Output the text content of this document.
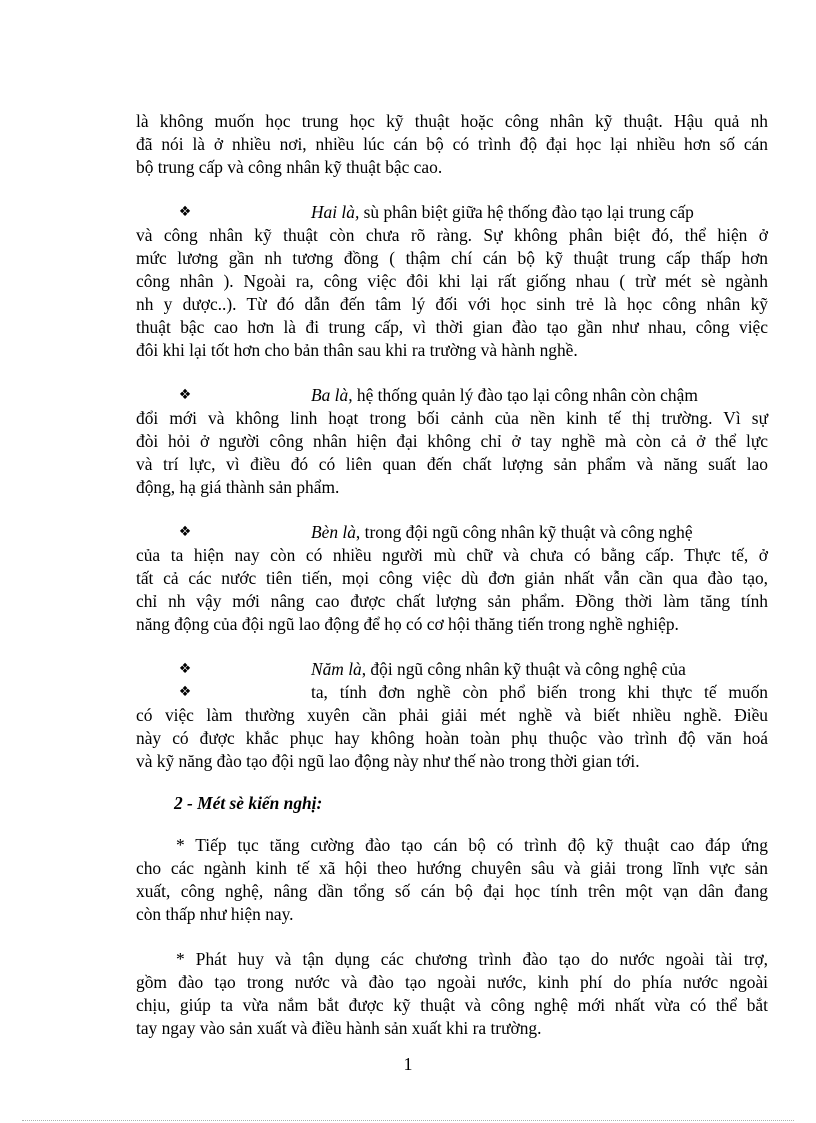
là không muốn học trung học kỹ thuật hoặc công nhân kỹ thuật. Hậu quả nh
đã nói là ở nhiều nơi, nhiều lúc cán bộ có trình độ đại học lại nhiều hơn số cán
bộ trung cấp và công nhân kỹ thuật bậc cao.
❖	Hai là, sù phân biệt giữa hệ thống đào tạo lại trung cấp
và công nhân kỹ thuật còn chưa rõ ràng. Sự không phân biệt đó, thể hiện ở
mức lương gần nh tương đồng ( thậm chí cán bộ kỹ thuật trung cấp thấp hơn
công nhân ). Ngoài ra, công việc đôi khi lại rất giống nhau ( trừ mét sè ngành
nh y dược..). Từ đó dẫn đến tâm lý đối với học sinh trẻ là học công nhân kỹ
thuật bậc cao hơn là đi trung cấp, vì thời gian đào tạo gần như nhau, công việc
đôi khi lại tốt hơn cho bản thân sau khi ra trường và hành nghề.
❖	Ba là, hệ thống quản lý đào tạo lại công nhân còn chậm
đổi mới và không linh hoạt trong bối cảnh của nền kinh tế thị trường. Vì sự
đòi hỏi ở người công nhân hiện đại không chỉ ở tay nghề mà còn cả ở thể lực
và trí lực, vì điều đó có liên quan đến chất lượng sản phẩm và năng suất lao
động, hạ giá thành sản phẩm.
❖	Bèn là, trong đội ngũ công nhân kỹ thuật và công nghệ
của ta hiện nay còn có nhiều người mù chữ và chưa có bằng cấp. Thực tế, ở
tất cả các nước tiên tiến, mọi công việc dù đơn giản nhất vẫn cần qua đào tạo,
chỉ nh vậy mới nâng cao được chất lượng sản phẩm. Đồng thời làm tăng tính
năng động của đội ngũ lao động để họ có cơ hội thăng tiến trong nghề nghiệp.
❖	Năm là, đội ngũ công nhân kỹ thuật và công nghệ của
❖	ta, tính đơn nghề còn phổ biến trong khi thực tế muốn
có việc làm thường xuyên cần phải giải mét nghề và biết nhiều nghề. Điều
này có được khắc phục hay không hoàn toàn phụ thuộc vào trình độ văn hoá
và kỹ năng đào tạo đội ngũ lao động này như thế nào trong thời gian tới.
2 - Mét sè kiến nghị:
* Tiếp tục tăng cường đào tạo cán bộ có trình độ kỹ thuật cao đáp ứng
cho các ngành kinh tế xã hội theo hướng chuyên sâu và giải trong lĩnh vực sản
xuất, công nghệ, nâng dần tổng số cán bộ đại học tính trên một vạn dân đang
còn thấp như hiện nay.
* Phát huy và tận dụng các chương trình đào tạo do nước ngoài tài trợ,
gồm đào tạo trong nước và đào tạo ngoài nước, kinh phí do phía nước ngoài
chịu, giúp ta vừa nắm bắt được kỹ thuật và công nghệ mới nhất vừa có thể bắt
tay ngay vào sản xuất và điều hành sản xuất khi ra trường.
1
